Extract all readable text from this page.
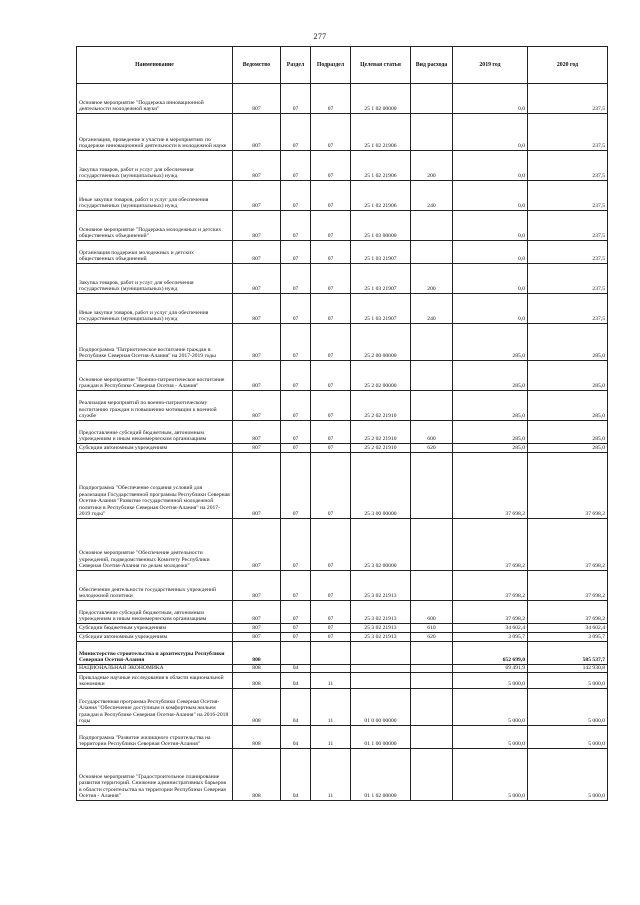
277
Наименование	Ведомство	Раздел	Подраздел	Целевая статья	Вид расхода	2019 год	2020 год
Основное мероприятие "Поддержка инновационной деятельности молодежной науки"	807	07	07	25 1 02 00000		0,0	237,5
Организация, проведение и участие в мероприятиях по поддержке инновационной деятельности в молодежной науке	807	07	07	25 1 02 21906		0,0	237,5
Закупка товаров, работ и услуг для обеспечения государственных (муниципальных) нужд	807	07	07	25 1 02 21906	200	0,0	237,5
Иные закупки товаров, работ и услуг для обеспечения государственных (муниципальных) нужд	807	07	07	25 1 02 21906	240	0,0	237,5
Основное мероприятие "Поддержка молодежных и детских общественных объединений"	807	07	07	25 1 03 00000		0,0	237,5
Организация поддержки молодежных и детских общественных объединений	807	07	07	25 1 03 21907		0,0	237,5
Закупка товаров, работ и услуг для обеспечения государственных (муниципальных) нужд	807	07	07	25 1 03 21907	200	0,0	237,5
Иные закупки товаров, работ и услуг для обеспечения государственных (муниципальных) нужд	807	07	07	25 1 03 21907	240	0,0	237,5
Подпрограмма "Патриотическое воспитание граждан в Республике Северная Осетия-Алания" на 2017-2019 годы	807	07	07	25 2 00 00000		285,0	285,0
Основное мероприятие "Военно-патриотическое воспитание граждан в Республике Северная Осетия - Алания"	807	07	07	25 2 02 00000		285,0	285,0
Реализация мероприятий по военно-патриотическому воспитанию граждан и повышению мотивации к военной службе	807	07	07	25 2 02 21910		285,0	285,0
Предоставление субсидий бюджетным, автономным учреждениям и иным некоммерческим организациям	807	07	07	25 2 02 21910	600	285,0	285,0
Субсидии автономным учреждениям	807	07	07	25 2 02 21910	620	285,0	285,0
Подпрограмма "Обеспечение создания условий для реализации Государственной программы Республики Северная Осетия-Алания "Развитие государственной молодежной политики в Республике Северная Осетия-Алания" на 2017-2019 годы"	807	07	07	25 3 00 00000		37 698,2	37 698,2
Основное мероприятие "Обеспечение деятельности учреждений, подведомственных Комитету Республики Северная Осетия-Алания по делам молодежи"	807	07	07	25 3 02 00000		37 698,2	37 698,2
Обеспечение деятельности государственных учреждений молодежной политики	807	07	07	25 3 02 21913		37 698,2	37 698,2
Предоставление субсидий бюджетным, автономным учреждениям и иным некоммерческим организациям	807	07	07	25 3 02 21913	600	37 698,2	37 698,2
Субсидии бюджетным учреждениям	807	07	07	25 3 02 21913	610	34 602,4	34 602,4
Субсидии автономным учреждениям	807	07	07	25 3 02 21913	620	3 095,7	3 095,7
Министерство строительства и архитектуры Республики Северная Осетия-Алания	808					652 699,0	585 537,7
НАЦИОНАЛЬНАЯ ЭКОНОМИКА	808	04				69 491,9	142 930,8
Прикладные научные исследования в области национальной экономики	808	04	11			5 000,0	5 000,0
Государственная программа Республики Северная Осетия-Алания "Обеспечение доступным и комфортным жильем граждан в Республике Северная Осетия-Алания" на 2016-2018 годы	808	04	11	01 0 00 00000		5 000,0	5 000,0
Подпрограмма "Развитие жилищного строительства на территории Республики Северная Осетия-Алания"	808	04	11	01 1 00 00000		5 000,0	5 000,0
Основное мероприятие "Градостроительное планирование развития территорий. Снижение административных барьеров в области строительства на территории Республики Северная Осетия - Алания"	808	04	11	01 1 02 00000		5 000,0	5 000,0
